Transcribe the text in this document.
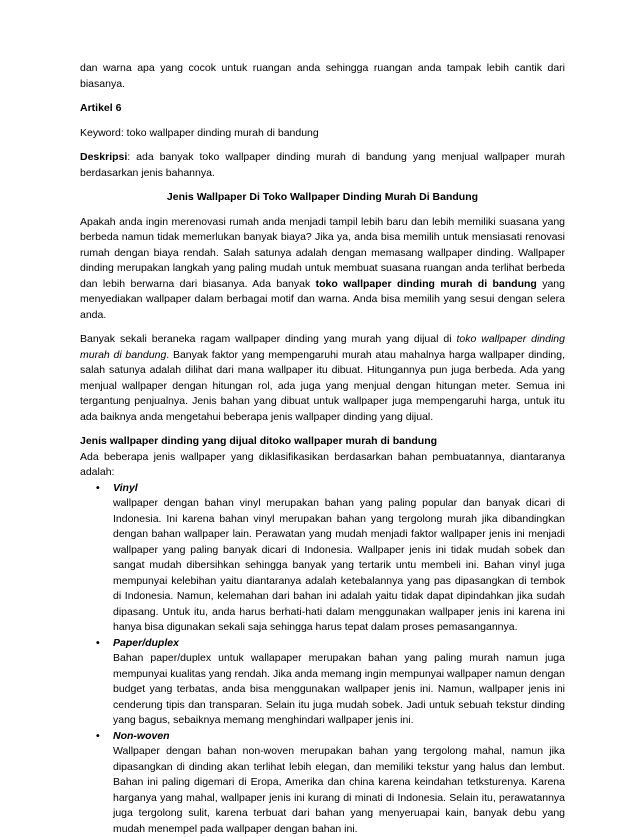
dan warna apa yang cocok untuk ruangan anda sehingga ruangan anda tampak lebih cantik dari biasanya.

Artikel 6

Keyword: toko wallpaper dinding murah di bandung

Deskripsi: ada banyak toko wallpaper dinding murah di bandung yang menjual wallpaper murah berdasarkan jenis bahannya.

Jenis Wallpaper Di Toko Wallpaper Dinding Murah Di Bandung

Apakah anda ingin merenovasi rumah anda menjadi tampil lebih baru dan lebih memiliki suasana yang berbeda namun tidak memerlukan banyak biaya? Jika ya, anda bisa memilih untuk mensiasati renovasi rumah dengan biaya rendah. Salah satunya adalah dengan memasang wallpaper dinding. Wallpaper dinding merupakan langkah yang paling mudah untuk membuat suasana ruangan anda terlihat berbeda dan lebih berwarna dari biasanya. Ada banyak toko wallpaper dinding murah di bandung yang menyediakan wallpaper dalam berbagai motif dan warna. Anda bisa memilih yang sesui dengan selera anda.

Banyak sekali beraneka ragam wallpaper dinding yang murah yang dijual di toko wallpaper dinding murah di bandung. Banyak faktor yang mempengaruhi murah atau mahalnya harga wallpaper dinding, salah satunya adalah dilihat dari mana wallpaper itu dibuat. Hitungannya pun juga berbeda. Ada yang menjual wallpaper dengan hitungan rol, ada juga yang menjual dengan hitungan meter. Semua ini tergantung penjualnya. Jenis bahan yang dibuat untuk wallpaper juga mempengaruhi harga, untuk itu ada baiknya anda mengetahui beberapa jenis wallpaper dinding yang dijual.

Jenis wallpaper dinding yang dijual ditoko wallpaper murah di bandung

Ada beberapa jenis wallpaper yang diklasifikasikan berdasarkan bahan pembuatannya, diantaranya adalah:

• Vinyl

wallpaper dengan bahan vinyl merupakan bahan yang paling popular dan banyak dicari di Indonesia. Ini karena bahan vinyl merupakan bahan yang tergolong murah jika dibandingkan dengan bahan wallpaper lain. Perawatan yang mudah menjadi faktor wallpaper jenis ini menjadi wallpaper yang paling banyak dicari di Indonesia. Wallpaper jenis ini tidak mudah sobek dan sangat mudah dibersihkan sehingga banyak yang tertarik untu membeli ini. Bahan vinyl juga mempunyai kelebihan yaitu diantaranya adalah ketebalannya yang pas dipasangkan di tembok di Indonesia. Namun, kelemahan dari bahan ini adalah yaitu tidak dapat dipindahkan jika sudah dipasang. Untuk itu, anda harus berhati-hati dalam menggunakan wallpaper jenis ini karena ini hanya bisa digunakan sekali saja sehingga harus tepat dalam proses pemasangannya.

• Paper/duplex

Bahan paper/duplex untuk wallapaper merupakan bahan yang paling murah namun juga mempunyai kualitas yang rendah. Jika anda memang ingin mempunyai wallpaper namun dengan budget yang terbatas, anda bisa menggunakan wallpaper jenis ini. Namun, wallpaper jenis ini cenderung tipis dan transparan. Selain itu juga mudah sobek. Jadi untuk sebuah tekstur dinding yang bagus, sebaiknya memang menghindari wallpaper jenis ini.

• Non-woven

Wallpaper dengan bahan non-woven merupakan bahan yang tergolong mahal, namun jika dipasangkan di dinding akan terlihat lebih elegan, dan memiliki tekstur yang halus dan lembut. Bahan ini paling digemari di Eropa, Amerika dan china karena keindahan tetksturenya. Karena harganya yang mahal, wallpaper jenis ini kurang di minati di Indonesia. Selain itu, perawatannya juga tergolong sulit, karena terbuat dari bahan yang menyeruapai kain, banyak debu yang mudah menempel pada wallpaper dengan bahan ini.
